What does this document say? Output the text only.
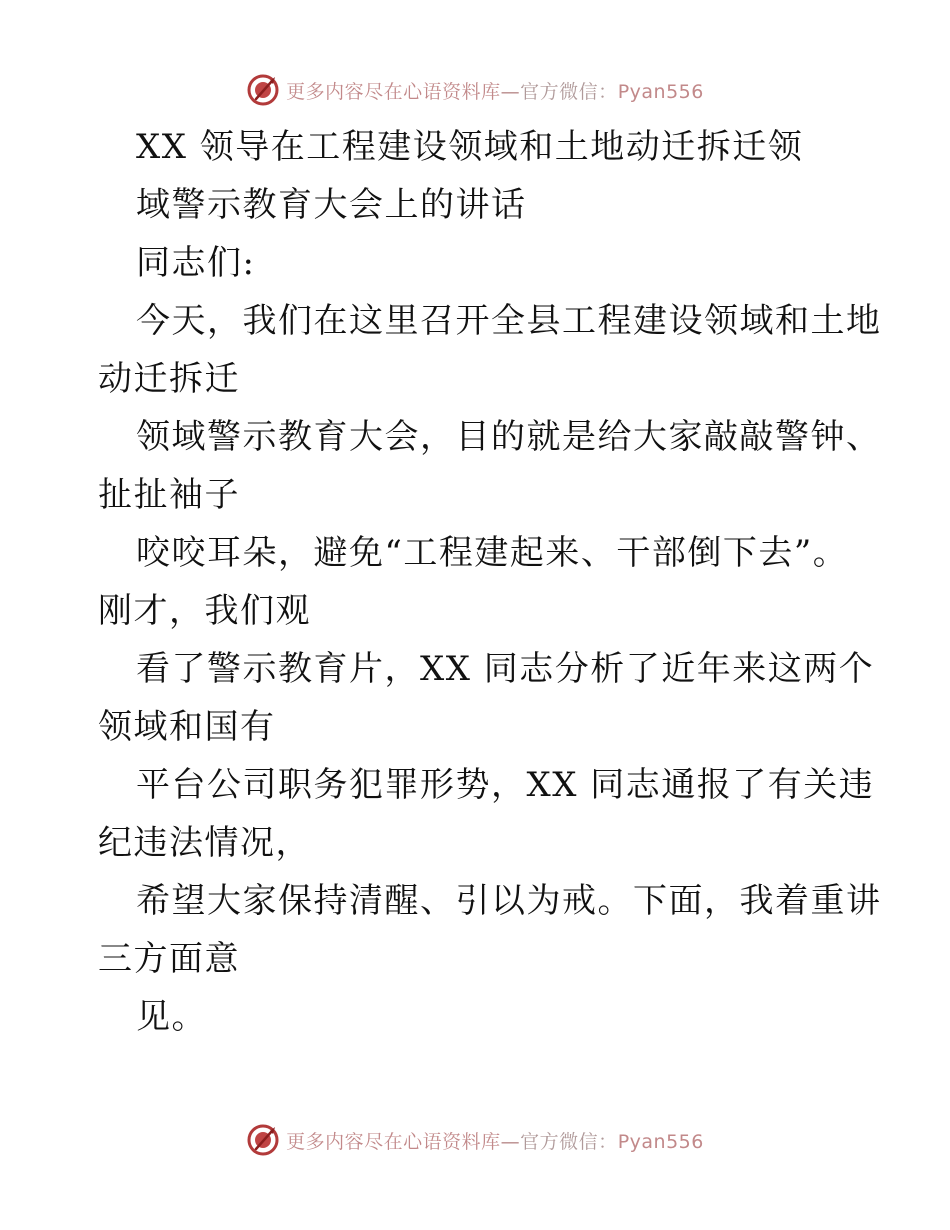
更多内容尽在心语资料库—官方微信：Pyan556
XX 领导在工程建设领域和土地动迁拆迁领
域警示教育大会上的讲话
同志们:
今天，我们在这里召开全县工程建设领域和土地
动迁拆迁
领域警示教育大会，目的就是给大家敲敲警钟、
扯扯袖子
咬咬耳朵，避免“工程建起来、干部倒下去”。
刚才，我们观
看了警示教育片，XX 同志分析了近年来这两个
领域和国有
平台公司职务犯罪形势，XX 同志通报了有关违
纪违法情况，
希望大家保持清醒、引以为戒。下面，我着重讲
三方面意
见。
更多内容尽在心语资料库—官方微信：Pyan556
